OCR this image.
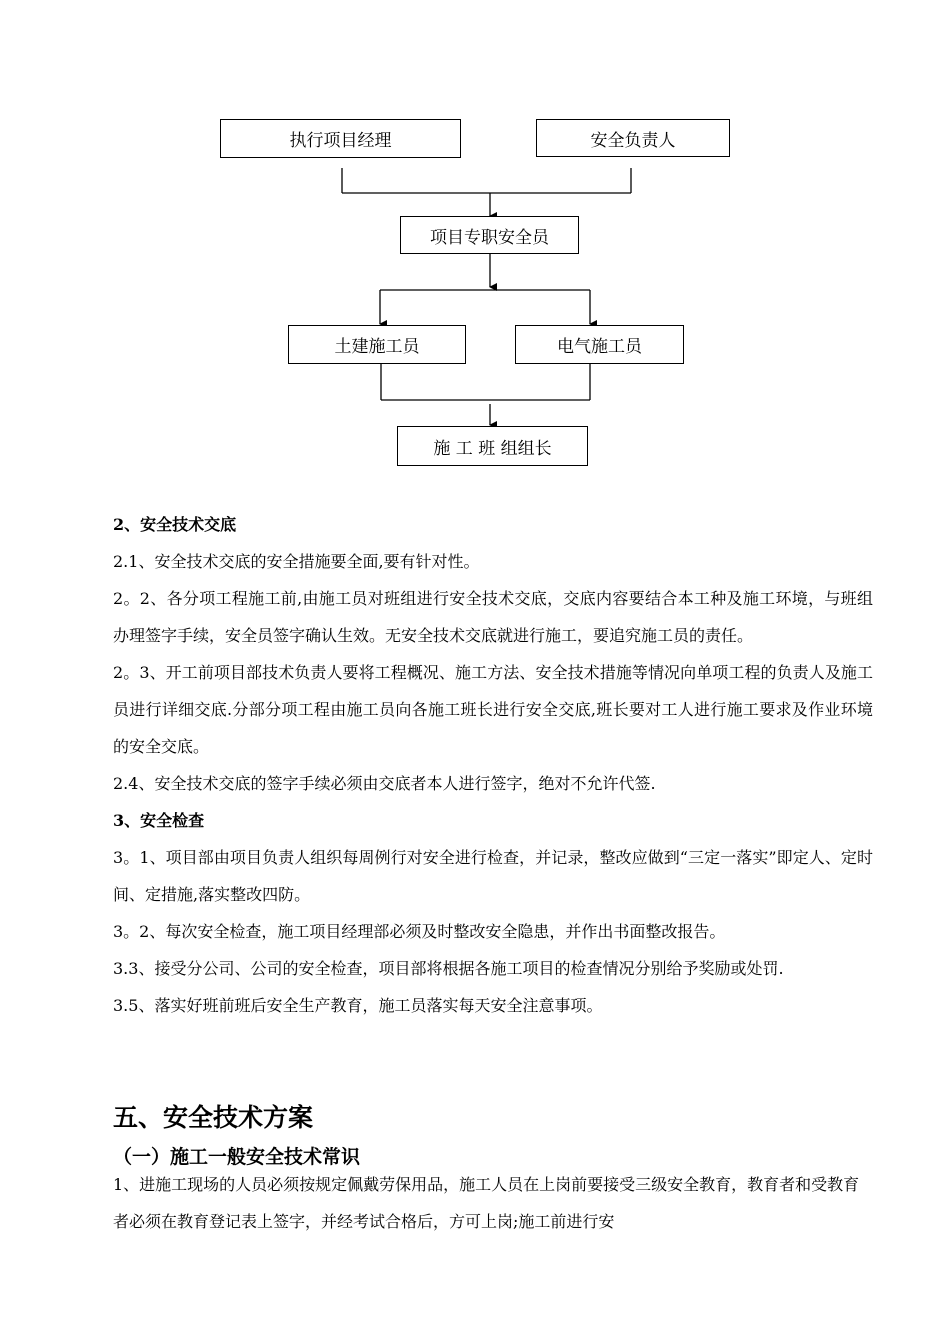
执行项目经理	安全负责人
项目专职安全员
土建施工员	电气施工员
施 工 班 组组长

2、安全技术交底

2.1、安全技术交底的安全措施要全面,要有针对性。

2。2、各分项工程施工前,由施工员对班组进行安全技术交底，交底内容要结合本工种及施工环境，与班组办理签字手续，安全员签字确认生效。无安全技术交底就进行施工，要追究施工员的责任。

2。3、开工前项目部技术负责人要将工程概况、施工方法、安全技术措施等情况向单项工程的负责人及施工员进行详细交底.分部分项工程由施工员向各施工班长进行安全交底,班长要对工人进行施工要求及作业环境的安全交底。

2.4、安全技术交底的签字手续必须由交底者本人进行签字，绝对不允许代签.

3、安全检查

3。1、项目部由项目负责人组织每周例行对安全进行检查，并记录，整改应做到“三定一落实”即定人、定时间、定措施,落实整改四防。

3。2、每次安全检查，施工项目经理部必须及时整改安全隐患，并作出书面整改报告。

3.3、接受分公司、公司的安全检查，项目部将根据各施工项目的检查情况分别给予奖励或处罚.

3.5、落实好班前班后安全生产教育，施工员落实每天安全注意事项。

五、安全技术方案
（一）施工一般安全技术常识

1、进施工现场的人员必须按规定佩戴劳保用品，施工人员在上岗前要接受三级安全教育，教育者和受教育者必须在教育登记表上签字，并经考试合格后，方可上岗;施工前进行安
